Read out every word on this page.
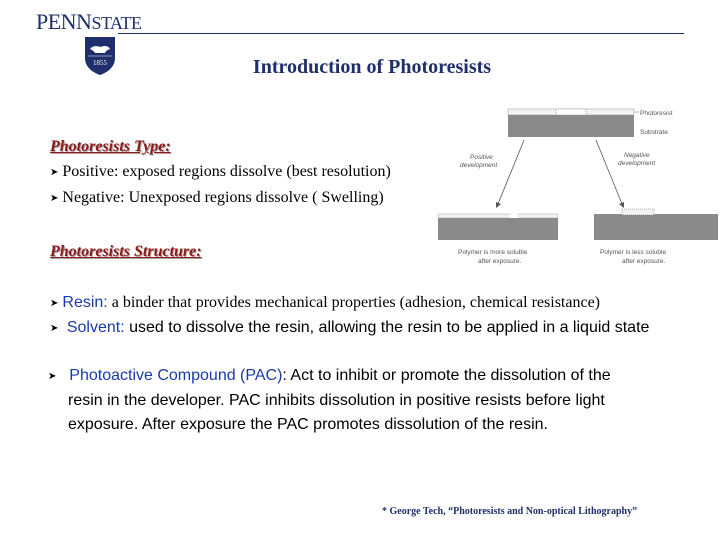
PENNSTATE
1855	Introduction of Photoresists
Photoresists Type:
➤ Positive: exposed regions dissolve (best resolution)
➤ Negative: Unexposed regions dissolve ( Swelling)
Photoresists Structure:
➤ Resin: a binder that provides mechanical properties (adhesion, chemical resistance)
➤ Solvent: used to dissolve the resin, allowing the resin to be applied in a liquid state
➤ Photoactive Compound (PAC): Act to inhibit or promote the dissolution of the
resin in the developer. PAC inhibits dissolution in positive resists before light
exposure. After exposure the PAC promotes dissolution of the resin.
Photoresist
Substrate
Positive
development
Negative
development
Polymer is more soluble
after exposure.
Polymer is less soluble
after exposure.
* George Tech, “Photoresists and Non-optical Lithography”
